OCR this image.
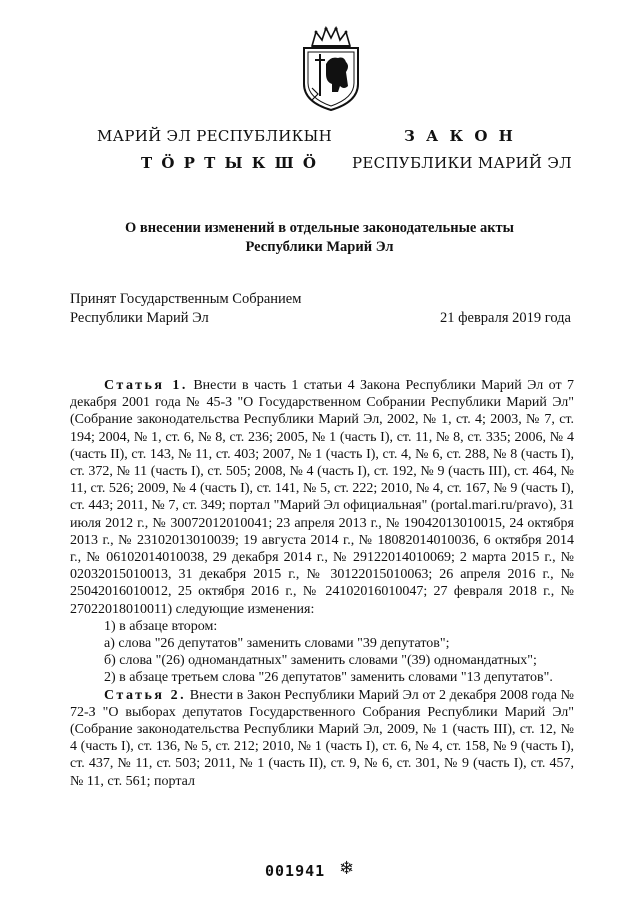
МАРИЙ ЭЛ РЕСПУБЛИКЫН
Т Ӧ Р Т Ы К Ш Ӧ
З А К О Н
РЕСПУБЛИКИ МАРИЙ ЭЛ
О внесении изменений в отдельные законодательные акты
Республики Марий Эл
Принят Государственным Собранием
Республики Марий Эл	21 февраля 2019 года

Статья 1. Внести в часть 1 статьи 4 Закона Республики Марий Эл от 7 декабря 2001 года № 45-З "О Государственном Собрании Республики Марий Эл" (Собрание законодательства Республики Марий Эл, 2002, № 1, ст. 4; 2003, № 7, ст. 194; 2004, № 1, ст. 6, № 8, ст. 236; 2005, № 1 (часть I), ст. 11, № 8, ст. 335; 2006, № 4 (часть II), ст. 143, № 11, ст. 403; 2007, № 1 (часть I), ст. 4, № 6, ст. 288, № 8 (часть I), ст. 372, № 11 (часть I), ст. 505; 2008, № 4 (часть I), ст. 192, № 9 (часть III), ст. 464, № 11, ст. 526; 2009, № 4 (часть I), ст. 141, № 5, ст. 222; 2010, № 4, ст. 167, № 9 (часть I), ст. 443; 2011, № 7, ст. 349; портал "Марий Эл официальная" (portal.mari.ru/pravo), 31 июля 2012 г., № 30072012010041; 23 апреля 2013 г., № 19042013010015, 24 октября 2013 г., № 23102013010039; 19 августа 2014 г., № 18082014010036, 6 октября 2014 г., № 06102014010038, 29 декабря 2014 г., № 29122014010069; 2 марта 2015 г., № 02032015010013, 31 декабря 2015 г., № 30122015010063; 26 апреля 2016 г., № 25042016010012, 25 октября 2016 г., № 24102016010047; 27 февраля 2018 г., № 27022018010011) следующие изменения:

1) в абзаце втором:

а) слова "26 депутатов" заменить словами "39 депутатов";

б) слова "(26) одномандатных" заменить словами "(39) одномандатных";

2) в абзаце третьем слова "26 депутатов" заменить словами "13 депутатов".

Статья 2. Внести в Закон Республики Марий Эл от 2 декабря 2008 года № 72-З "О выборах депутатов Государственного Собрания Республики Марий Эл" (Собрание законодательства Республики Марий Эл, 2009, № 1 (часть III), ст. 12, № 4 (часть I), ст. 136, № 5, ст. 212; 2010, № 1 (часть I), ст. 6, № 4, ст. 158, № 9 (часть I), ст. 437, № 11, ст. 503; 2011, № 1 (часть II), ст. 9, № 6, ст. 301, № 9 (часть I), ст. 457, № 11, ст. 561; портал

001941 ❄
